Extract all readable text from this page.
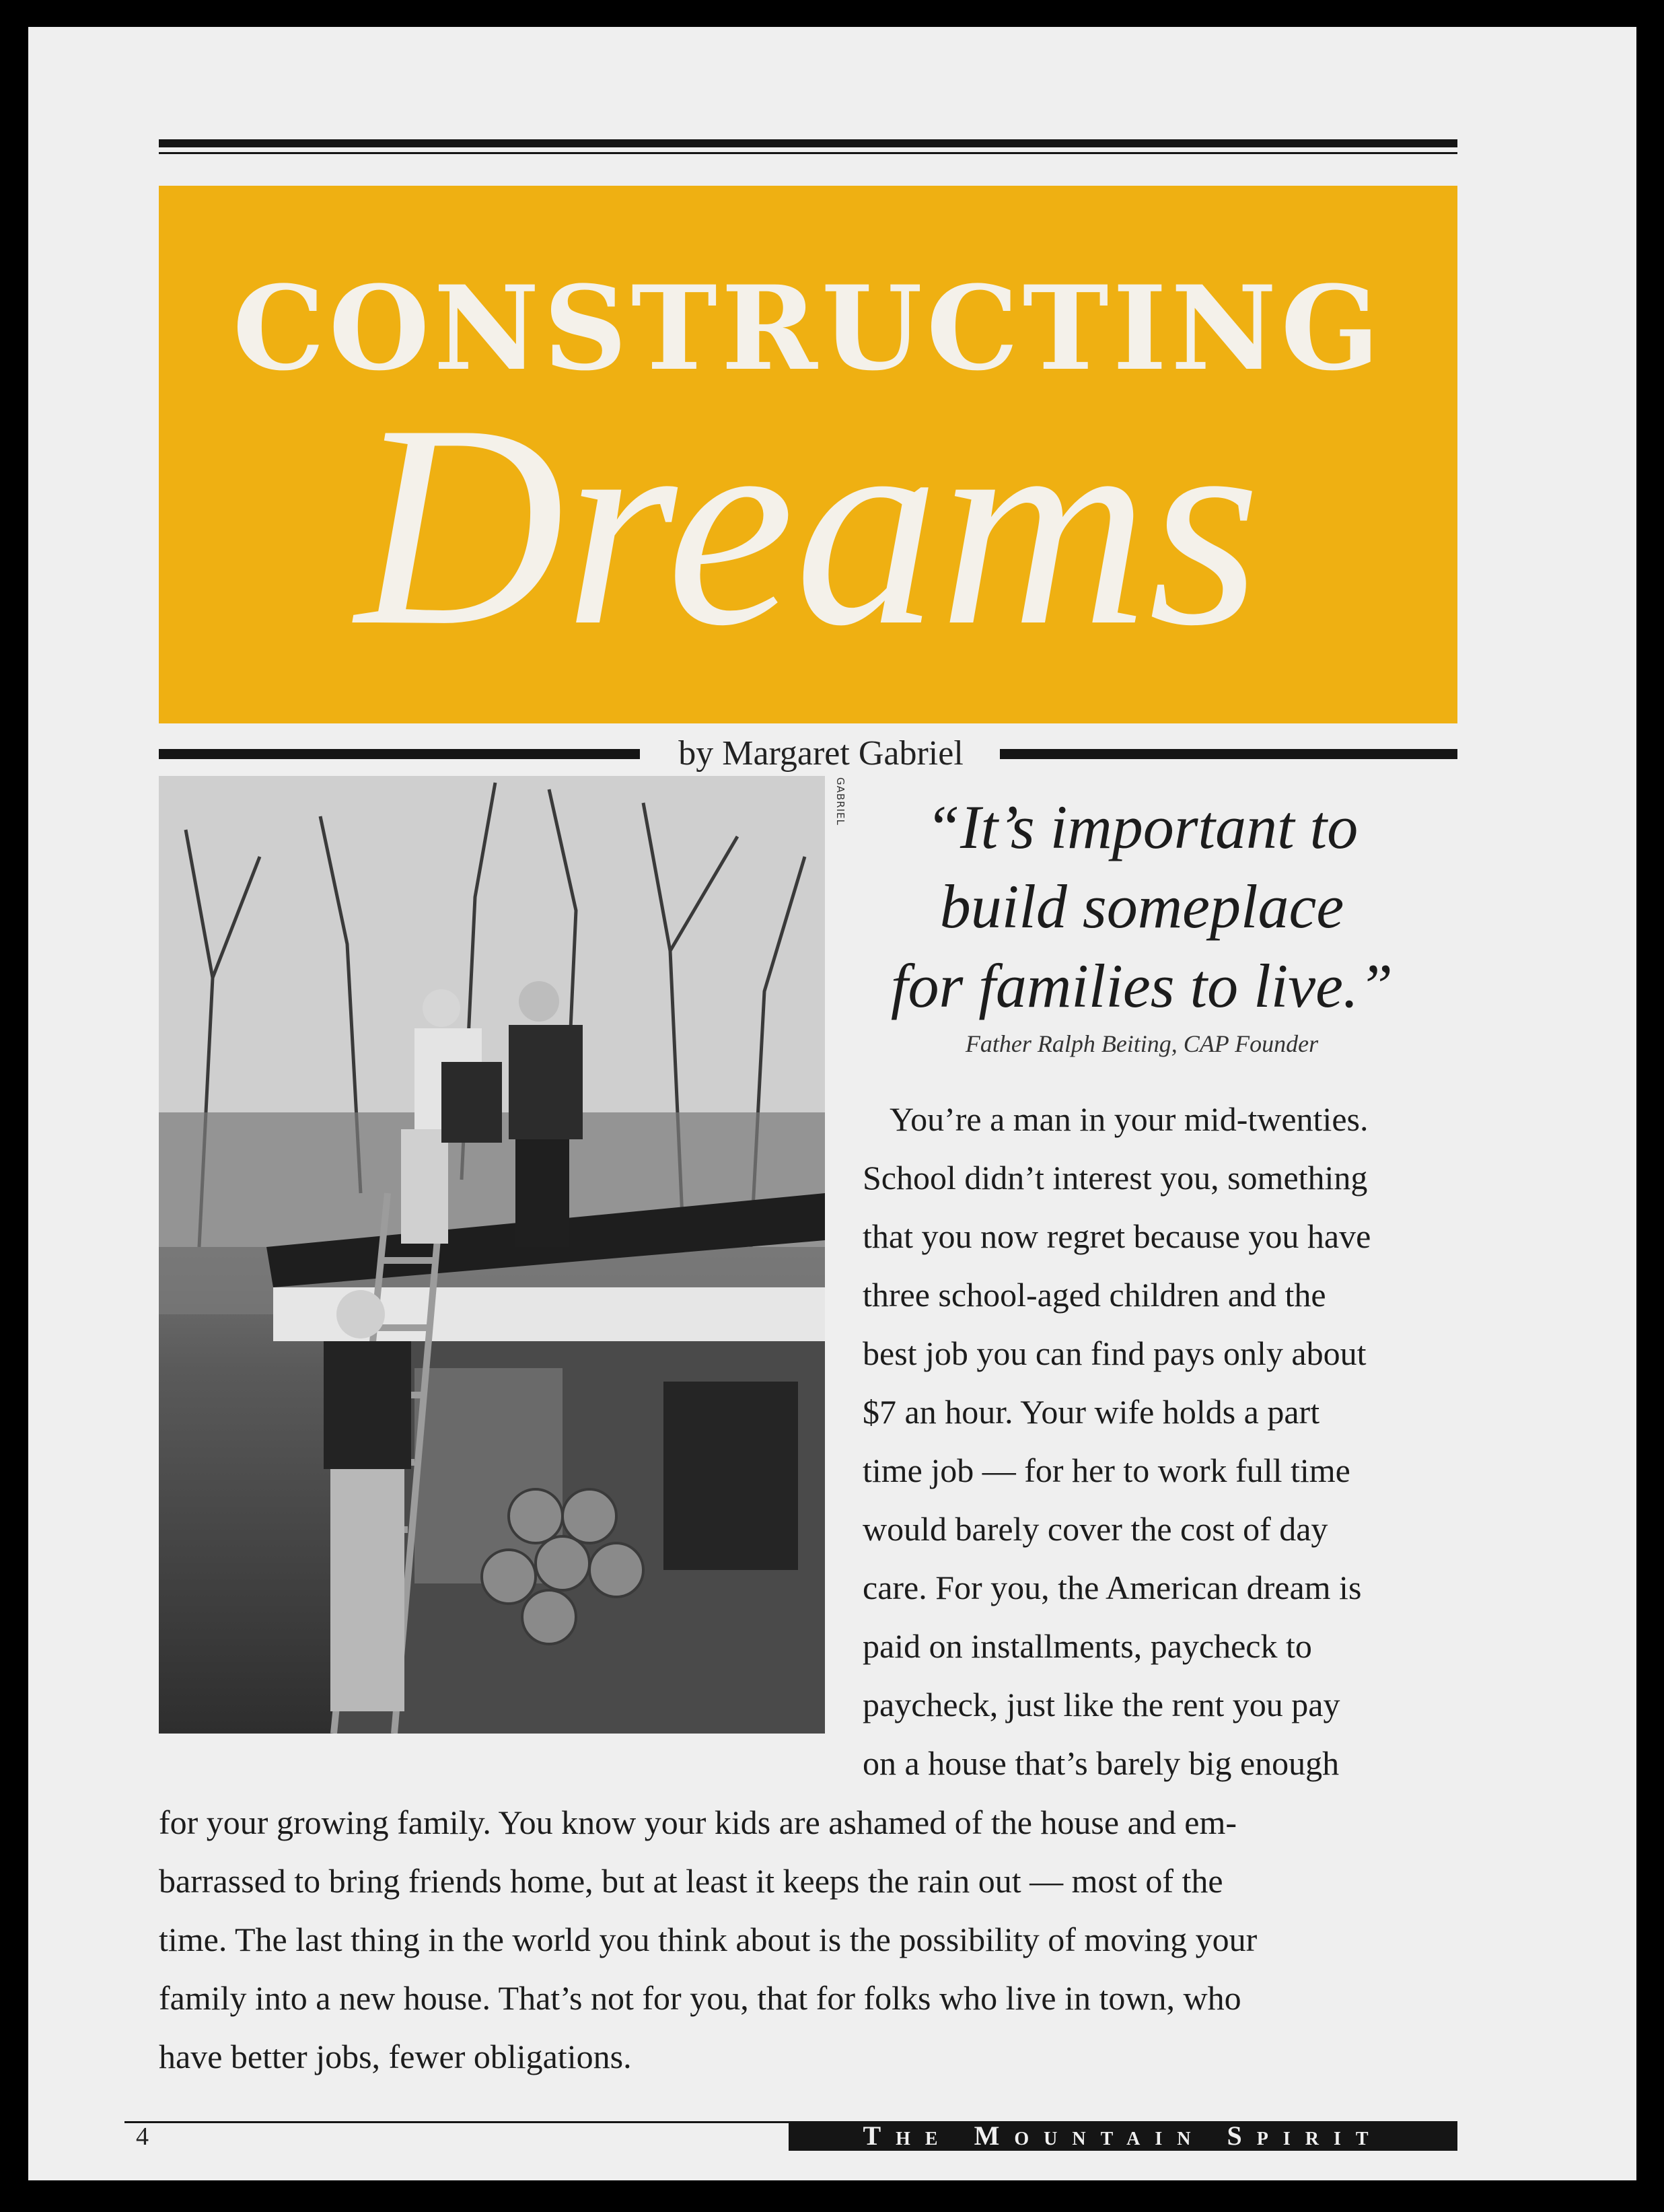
CONSTRUCTING
Dreams
by Margaret Gabriel
GABRIEL	“It’s important to
build someplace
for families to live.”
Father Ralph Beiting, CAP Founder
You’re a man in your mid-twenties.
School didn’t interest you, something
that you now regret because you have
three school-aged children and the
best job you can find pays only about
$7 an hour. Your wife holds a part
time job — for her to work full time
would barely cover the cost of day
care. For you, the American dream is
paid on installments, paycheck to
paycheck, just like the rent you pay
on a house that’s barely big enough
for your growing family. You know your kids are ashamed of the house and em-
barrassed to bring friends home, but at least it keeps the rain out — most of the
time. The last thing in the world you think about is the possibility of moving your
family into a new house. That’s not for you, that for folks who live in town, who
have better jobs, fewer obligations.
4	The Mountain Spirit
